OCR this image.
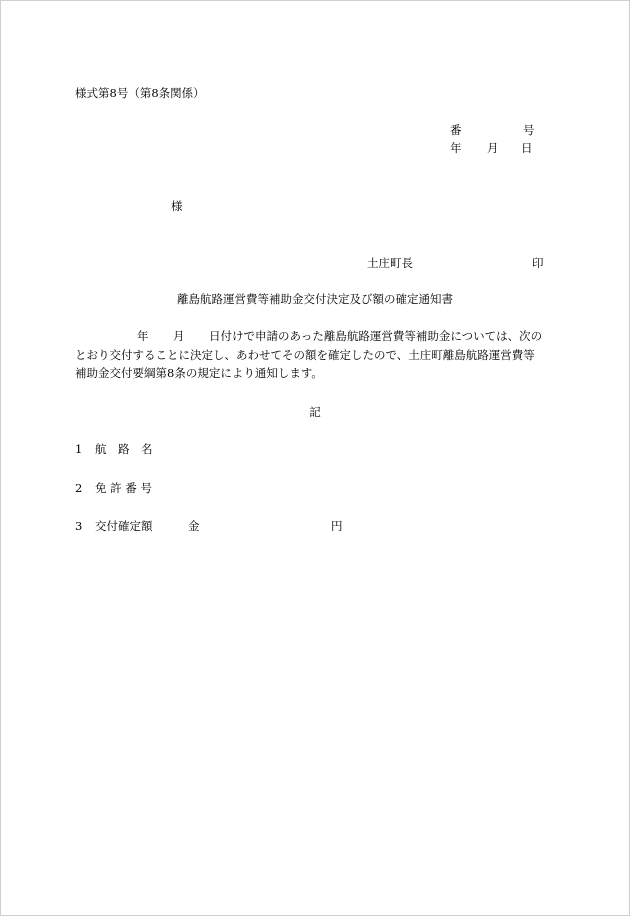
様式第8号（第8条関係）
番	号
年 月 日
様
土庄町長	印
離島航路運営費等補助金交付決定及び額の確定通知書
年 月 日付けで申請のあった離島航路運営費等補助金については、次の
とおり交付することに決定し、あわせてその額を確定したので、土庄町離島航路運営費等
補助金交付要綱第8条の規定により通知します。
記
1 航　路　名
2 免 許 番 号
3 交付確定額	金	円
